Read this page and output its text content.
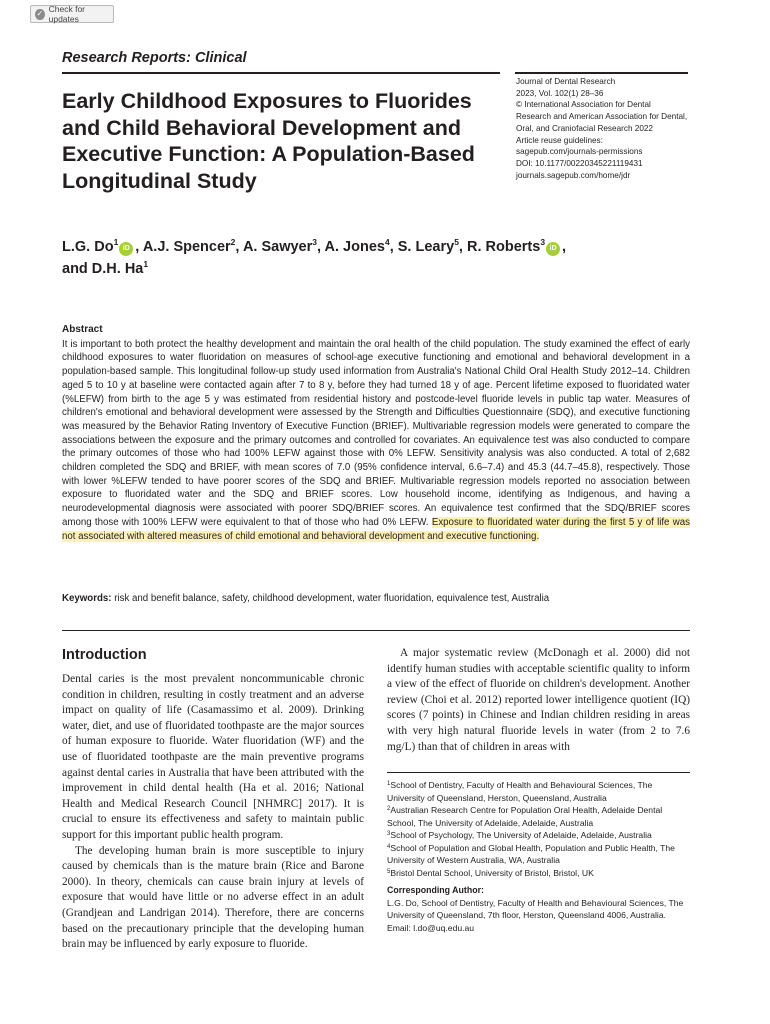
✓ Check for updates
Research Reports: Clinical
Early Childhood Exposures to Fluorides and Child Behavioral Development and Executive Function: A Population-Based Longitudinal Study
Journal of Dental Research
2023, Vol. 102(1) 28–36
© International Association for Dental
Research and American Association for Dental,
Oral, and Craniofacial Research 2022
Article reuse guidelines:
sagepub.com/journals-permissions
DOI: 10.1177/00220345221119431
journals.sagepub.com/home/jdr
L.G. Do$^1$iD , A.J. Spencer$^2$, A. Sawyer$^3$, A. Jones$^4$, S. Leary$^5$, R. Roberts$^3$iD ,
and D.H. Ha$^1$
Abstract
It is important to both protect the healthy development and maintain the oral health of the child population. The study examined the effect of early childhood exposures to water fluoridation on measures of school-age executive functioning and emotional and behavioral development in a population-based sample. This longitudinal follow-up study used information from Australia's National Child Oral Health Study 2012–14. Children aged 5 to 10 y at baseline were contacted again after 7 to 8 y, before they had turned 18 y of age. Percent lifetime exposed to fluoridated water (%LEFW) from birth to the age 5 y was estimated from residential history and postcode-level fluoride levels in public tap water. Measures of children's emotional and behavioral development were assessed by the Strength and Difficulties Questionnaire (SDQ), and executive functioning was measured by the Behavior Rating Inventory of Executive Function (BRIEF). Multivariable regression models were generated to compare the associations between the exposure and the primary outcomes and controlled for covariates. An equivalence test was also conducted to compare the primary outcomes of those who had 100% LEFW against those with 0% LEFW. Sensitivity analysis was also conducted. A total of 2,682 children completed the SDQ and BRIEF, with mean scores of 7.0 (95% confidence interval, 6.6–7.4) and 45.3 (44.7–45.8), respectively. Those with lower %LEFW tended to have poorer scores of the SDQ and BRIEF. Multivariable regression models reported no association between exposure to fluoridated water and the SDQ and BRIEF scores. Low household income, identifying as Indigenous, and having a neurodevelopmental diagnosis were associated with poorer SDQ/BRIEF scores. An equivalence test confirmed that the SDQ/BRIEF scores among those with 100% LEFW were equivalent to that of those who had 0% LEFW. Exposure to fluoridated water during the first 5 y of life was not associated with altered measures of child emotional and behavioral development and executive functioning.
Keywords: risk and benefit balance, safety, childhood development, water fluoridation, equivalence test, Australia
Introduction

Dental caries is the most prevalent noncommunicable chronic condition in children, resulting in costly treatment and an adverse impact on quality of life (Casamassimo et al. 2009). Drinking water, diet, and use of fluoridated toothpaste are the major sources of human exposure to fluoride. Water fluoridation (WF) and the use of fluoridated toothpaste are the main preventive programs against dental caries in Australia that have been attributed with the improvement in child dental health (Ha et al. 2016; National Health and Medical Research Council [NHMRC] 2017). It is crucial to ensure its effectiveness and safety to maintain public support for this important public health program.

The developing human brain is more susceptible to injury caused by chemicals than is the mature brain (Rice and Barone 2000). In theory, chemicals can cause brain injury at levels of exposure that would have little or no adverse effect in an adult (Grandjean and Landrigan 2014). Therefore, there are concerns based on the precautionary principle that the developing human brain may be influenced by early exposure to fluoride.

A major systematic review (McDonagh et al. 2000) did not identify human studies with acceptable scientific quality to inform a view of the effect of fluoride on children's development. Another review (Choi et al. 2012) reported lower intelligence quotient (IQ) scores (7 points) in Chinese and Indian children residing in areas with very high natural fluoride levels in water (from 2 to 7.6 mg/L) than that of children in areas with

$^1$School of Dentistry, Faculty of Health and Behavioural Sciences, The University of Queensland, Herston, Queensland, Australia
$^2$Australian Research Centre for Population Oral Health, Adelaide Dental School, The University of Adelaide, Adelaide, Australia
$^3$School of Psychology, The University of Adelaide, Adelaide, Australia
$^4$School of Population and Global Health, Population and Public Health, The University of Western Australia, WA, Australia
$^5$Bristol Dental School, University of Bristol, Bristol, UK
Corresponding Author:
L.G. Do, School of Dentistry, Faculty of Health and Behavioural Sciences, The University of Queensland, 7th floor, Herston, Queensland 4006, Australia.
Email: l.do@uq.edu.au
